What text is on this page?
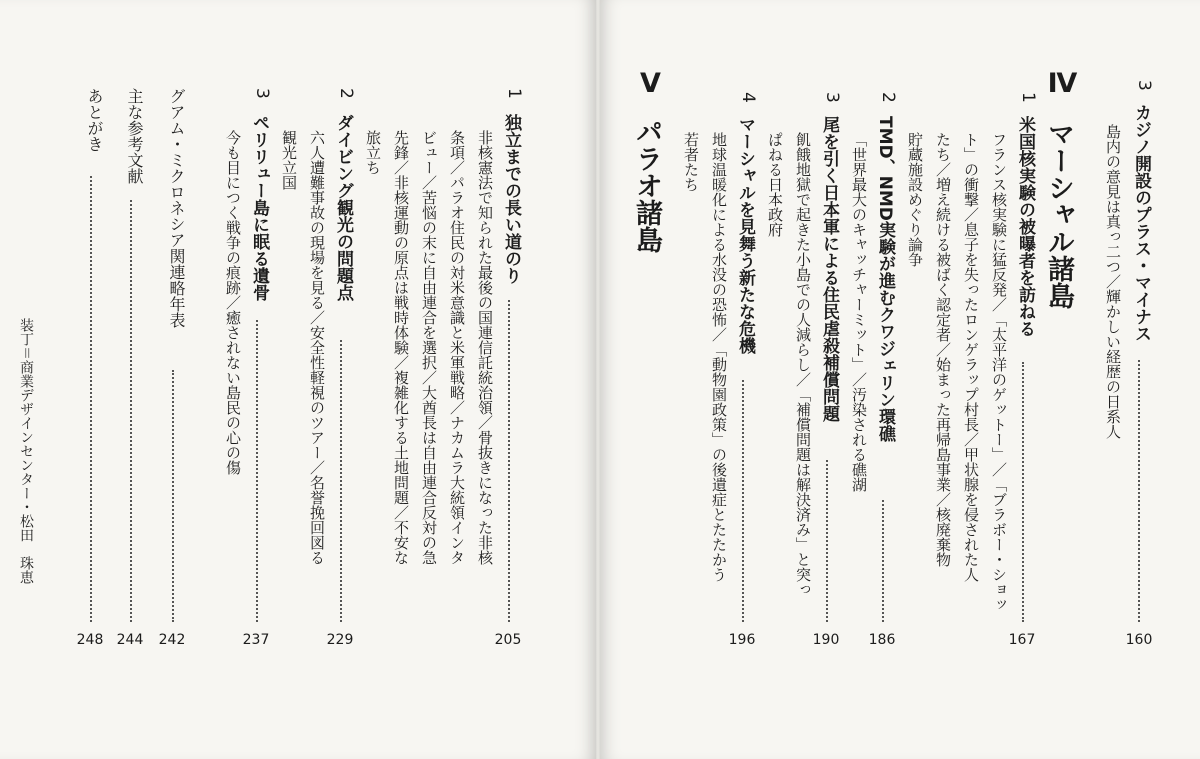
3
カジノ開設のプラス・マイナス
島内の意見は真っ二つ／輝かしい経歴の日系人
160
Ⅳ
マーシャル諸島
1
米国核実験の被曝者を訪ねる
フランス核実験に猛反発／「太平洋のゲットー」／「ブラボー・ショッ
ト」の衝撃／息子を失ったロンゲラップ村長／甲状腺を侵された人
たち／増え続ける被ばく認定者／始まった再帰島事業／核廃棄物
貯蔵施設めぐり論争
167
2
TMD、NMD実験が進むクワジェリン環礁
「世界最大のキャッチャーミット」／汚染される礁湖
186
3
尾を引く日本軍による住民虐殺補償問題
飢餓地獄で起きた小島での人減らし／「補償問題は解決済み」と突っ
ぱねる日本政府
190
4
マーシャルを見舞う新たな危機
地球温暖化による水没の恐怖／「動物園政策」の後遺症とたたかう
若者たち
196
Ⅴ
パラオ諸島
1
独立までの長い道のり
非核憲法で知られた最後の国連信託統治領／骨抜きになった非核
条項／パラオ住民の対米意識と米軍戦略／ナカムラ大統領インタ
ビュー／苦悩の末に自由連合を選択／大酋長は自由連合反対の急
先鋒／非核運動の原点は戦時体験／複雑化する土地問題／不安な
旅立ち
205
2
ダイビング観光の問題点
六人遭難事故の現場を見る／安全性軽視のツアー／名誉挽回図る
観光立国
229
3
ペリリュー島に眠る遺骨
今も目につく戦争の痕跡／癒されない島民の心の傷
237
グアム・ミクロネシア関連略年表
242
主な参考文献
244
あとがき
248
装丁＝商業デザインセンター・松田　珠恵
